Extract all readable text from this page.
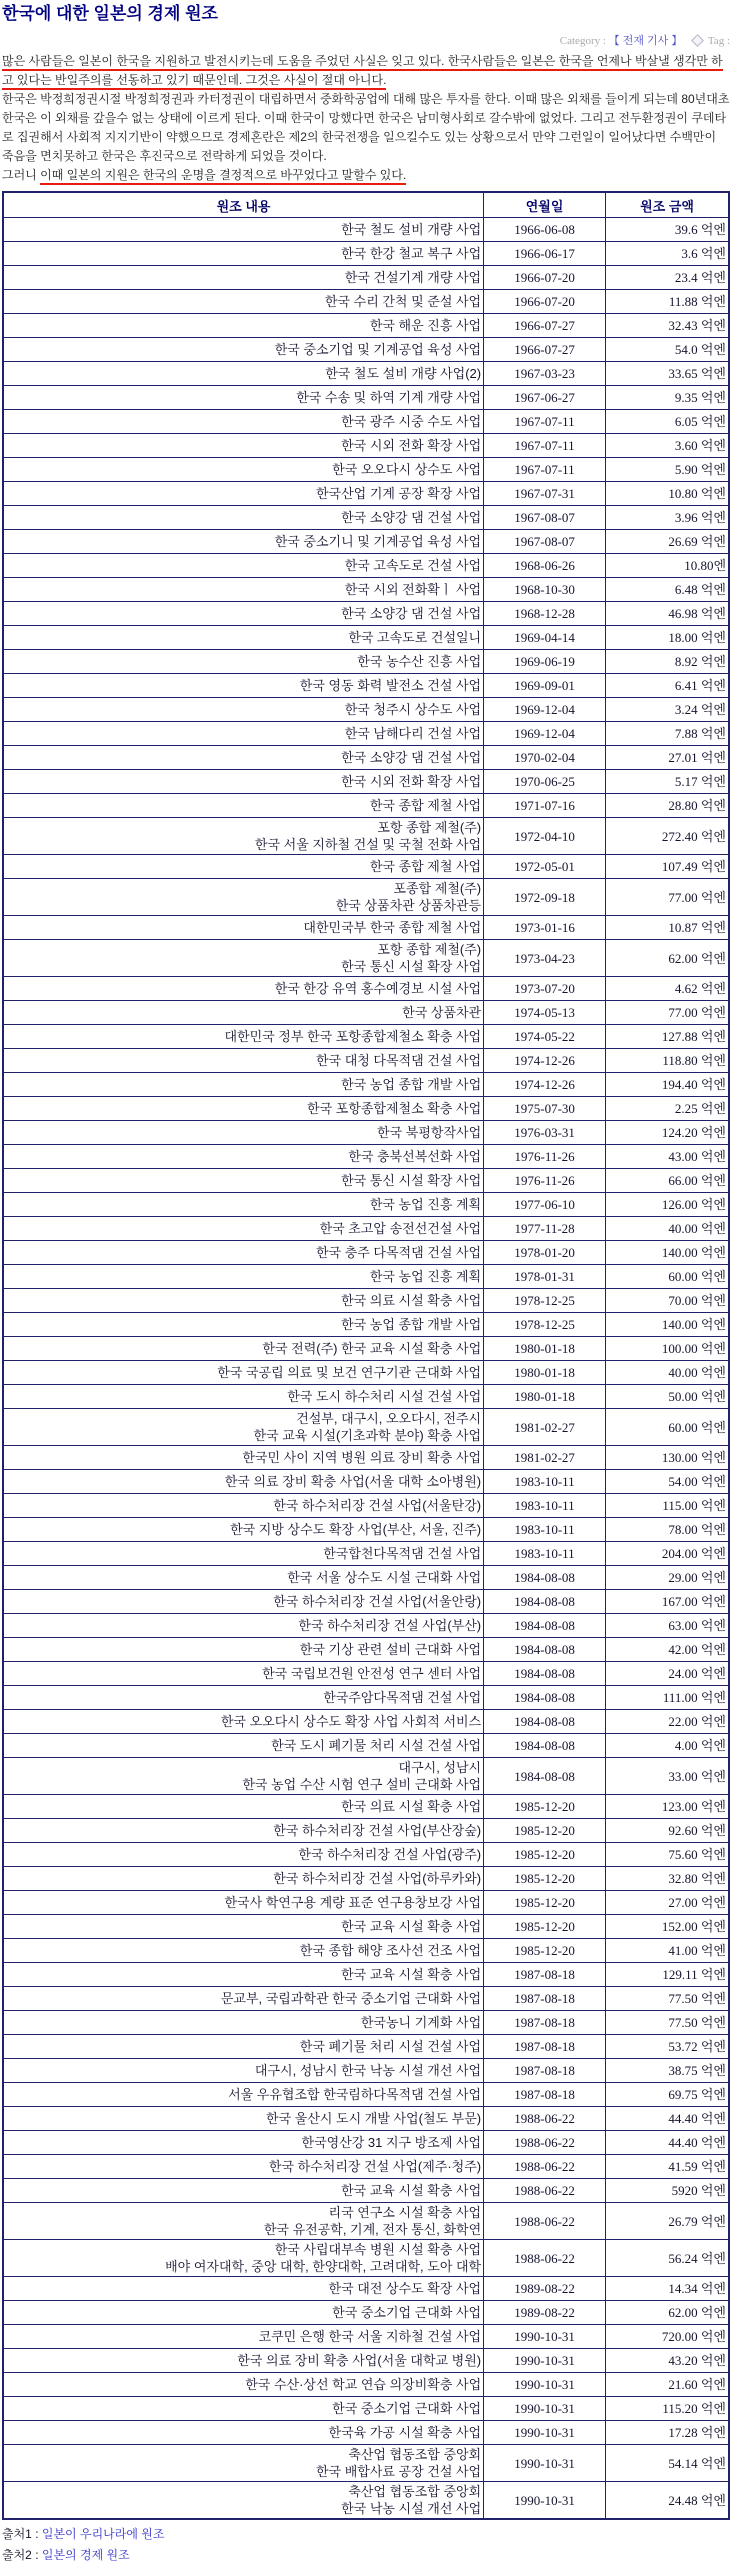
한국에 대한 일본의 경제 원조
Category : 【 전재 기사 】 Tag :

많은 사람들은 일본이 한국을 지원하고 발전시키는데 도움을 주었던 사실은 잊고 있다. 한국사람들은 일본은 한국을 언제나 박살낼 생각만 하고 있다는 반일주의를 선동하고 있기 때문인데. 그것은 사실이 절대 아니다.

한국은 박정희정권시절 박정희정권과 카터정권이 대립하면서 중화학공업에 대해 많은 투자를 한다. 이때 많은 외채를 들이게 되는데 80년대초 한국은 이 외채를 갚을수 없는 상태에 이르게 된다. 이때 한국이 망했다면 한국은 남미형사회로 갈수밖에 없었다. 그리고 전두환정권이 쿠데타로 집권해서 사회적 지지기반이 약했으므로 경제혼란은 제2의 한국전쟁을 일으킬수도 있는 상황으로서 만약 그런일이 일어났다면 수백만이 죽음을 면치못하고 한국은 후진국으로 전락하게 되었을 것이다.

그러니 이때 일본의 지원은 한국의 운명을 결정적으로 바꾸었다고 말할수 있다.

원조 내용	연월일	원조 금액
한국 철도 설비 개량 사업	1966-06-08	39.6 억엔
한국 한강 철교 복구 사업	1966-06-17	3.6 억엔
한국 건설기계 개량 사업	1966-07-20	23.4 억엔
한국 수리 간척 및 준설 사업	1966-07-20	11.88 억엔
한국 해운 진흥 사업	1966-07-27	32.43 억엔
한국 중소기업 및 기계공업 육성 사업	1966-07-27	54.0 억엔
한국 철도 설비 개량 사업(2)	1967-03-23	33.65 억엔
한국 수송 및 하역 기계 개량 사업	1967-06-27	9.35 억엔
한국 광주 시중 수도 사업	1967-07-11	6.05 억엔
한국 시외 전화 확장 사업	1967-07-11	3.60 억엔
한국 오오다시 상수도 사업	1967-07-11	5.90 억엔
한국산업 기계 공장 확장 사업	1967-07-31	10.80 억엔
한국 소양강 댐 건설 사업	1967-08-07	3.96 억엔
한국 중소기니 및 기계공업 육성 사업	1967-08-07	26.69 억엔
한국 고속도로 건설 사업	1968-06-26	10.80엔
한국 시외 전화확ㅣ 사업	1968-10-30	6.48 억엔
한국 소양강 댐 건설 사업	1968-12-28	46.98 억엔
한국 고속도로 건설일니	1969-04-14	18.00 억엔
한국 농수산 진흥 사업	1969-06-19	8.92 억엔
한국 영동 화력 발전소 건설 사업	1969-09-01	6.41 억엔
한국 청주시 상수도 사업	1969-12-04	3.24 억엔
한국 남해다리 건설 사업	1969-12-04	7.88 억엔
한국 소양강 댐 건설 사업	1970-02-04	27.01 억엔
한국 시외 전화 확장 사업	1970-06-25	5.17 억엔
한국 종합 제철 사업	1971-07-16	28.80 억엔
포항 종합 제철(주)
한국 서울 지하철 건설 및 국철 전화 사업	1972-04-10	272.40 억엔
한국 종합 제철 사업	1972-05-01	107.49 억엔
포종합 제철(주)
한국 상품차관 상품차관등	1972-09-18	77.00 억엔
대한민국부 한국 종합 제철 사업	1973-01-16	10.87 억엔
포항 종합 제철(주)
한국 통신 시설 확장 사업	1973-04-23	62.00 억엔
한국 한강 유역 홍수예경보 시설 사업	1973-07-20	4.62 억엔
한국 상품차관	1974-05-13	77.00 억엔
대한민국 정부 한국 포항종합제철소 확충 사업	1974-05-22	127.88 억엔
한국 대청 다목적댐 건설 사업	1974-12-26	118.80 억엔
한국 농업 종합 개발 사업	1974-12-26	194.40 억엔
한국 포항종합제철소 확충 사업	1975-07-30	2.25 억엔
한국 북평항작사업	1976-03-31	124.20 억엔
한국 충북선복선화 사업	1976-11-26	43.00 억엔
한국 통신 시설 확장 사업	1976-11-26	66.00 억엔
한국 농업 진흥 계획	1977-06-10	126.00 억엔
한국 초고압 송전선건설 사업	1977-11-28	40.00 억엔
한국 충주 다목적댐 건설 사업	1978-01-20	140.00 억엔
한국 농업 진흥 계획	1978-01-31	60.00 억엔
한국 의료 시설 확충 사업	1978-12-25	70.00 억엔
한국 농업 종합 개발 사업	1978-12-25	140.00 억엔
한국 전력(주) 한국 교육 시설 확충 사업	1980-01-18	100.00 억엔
한국 국공립 의료 및 보건 연구기관 근대화 사업	1980-01-18	40.00 억엔
한국 도시 하수처리 시설 건설 사업	1980-01-18	50.00 억엔
건설부, 대구시, 오오다시, 전주시
한국 교육 시설(기초과학 분야) 확충 사업	1981-02-27	60.00 억엔
한국민 사이 지역 병원 의료 장비 확충 사업	1981-02-27	130.00 억엔
한국 의료 장비 확충 사업(서울 대학 소아병원)	1983-10-11	54.00 억엔
한국 하수처리장 건설 사업(서울탄강)	1983-10-11	115.00 억엔
한국 지방 상수도 확장 사업(부산, 서울, 진주)	1983-10-11	78.00 억엔
한국합천다목적댐 건설 사업	1983-10-11	204.00 억엔
한국 서울 상수도 시설 근대화 사업	1984-08-08	29.00 억엔
한국 하수처리장 건설 사업(서울안랑)	1984-08-08	167.00 억엔
한국 하수처리장 건설 사업(부산)	1984-08-08	63.00 억엔
한국 기상 관련 설비 근대화 사업	1984-08-08	42.00 억엔
한국 국립보건원 안전성 연구 센터 사업	1984-08-08	24.00 억엔
한국주암다목적댐 건설 사업	1984-08-08	111.00 억엔
한국 오오다시 상수도 확장 사업 사회적 서비스	1984-08-08	22.00 억엔
한국 도시 폐기물 처리 시설 건설 사업	1984-08-08	4.00 억엔
대구시, 성남시
한국 농업 수산 시험 연구 설비 근대화 사업	1984-08-08	33.00 억엔
한국 의료 시설 확충 사업	1985-12-20	123.00 억엔
한국 하수처리장 건설 사업(부산장숲)	1985-12-20	92.60 억엔
한국 하수처리장 건설 사업(광주)	1985-12-20	75.60 억엔
한국 하수처리장 건설 사업(하루카와)	1985-12-20	32.80 억엔
한국사 학연구용 계량 표준 연구용창보강 사업	1985-12-20	27.00 억엔
한국 교육 시설 확충 사업	1985-12-20	152.00 억엔
한국 종합 해양 조사선 건조 사업	1985-12-20	41.00 억엔
한국 교육 시설 확충 사업	1987-08-18	129.11 억엔
문교부, 국립과학관 한국 중소기업 근대화 사업	1987-08-18	77.50 억엔
한국농니 기계화 사업	1987-08-18	77.50 억엔
한국 폐기물 처리 시설 건설 사업	1987-08-18	53.72 억엔
대구시, 성남시 한국 낙농 시설 개선 사업	1987-08-18	38.75 억엔
서울 우유협조합 한국림하다목적댐 건설 사업	1987-08-18	69.75 억엔
한국 울산시 도시 개발 사업(철도 부문)	1988-06-22	44.40 억엔
한국영산강 31 지구 방조제 사업	1988-06-22	44.40 억엔
한국 하수처리장 건설 사업(제주·청주)	1988-06-22	41.59 억엔
한국 교육 시설 확충 사업	1988-06-22	5920 억엔
리국 연구소 시설 확충 사업
한국 유전공학, 기계, 전자 통신, 화학연	1988-06-22	26.79 억엔
한국 사립대부속 병원 시설 확충 사업
배야 여자대학, 중앙 대학, 한양대학, 고려대학, 도아 대학	1988-06-22	56.24 억엔
한국 대전 상수도 확장 사업	1989-08-22	14.34 억엔
한국 중소기업 근대화 사업	1989-08-22	62.00 억엔
코쿠민 은행 한국 서울 지하철 건설 사업	1990-10-31	720.00 억엔
한국 의료 장비 확충 사업(서울 대학교 병원)	1990-10-31	43.20 억엔
한국 수산·상선 학교 연습 의장비확충 사업	1990-10-31	21.60 억엔
한국 중소기업 근대화 사업	1990-10-31	115.20 억엔
한국육 가공 시설 확충 사업	1990-10-31	17.28 억엔
축산업 협동조합 중앙회
한국 배합사료 공장 건설 사업	1990-10-31	54.14 억엔
축산업 협동조합 중앙회
한국 낙농 시설 개선 사업	1990-10-31	24.48 억엔
출처1 : 일본이 우리나라에 원조
출처2 : 일본의 경제 원조
